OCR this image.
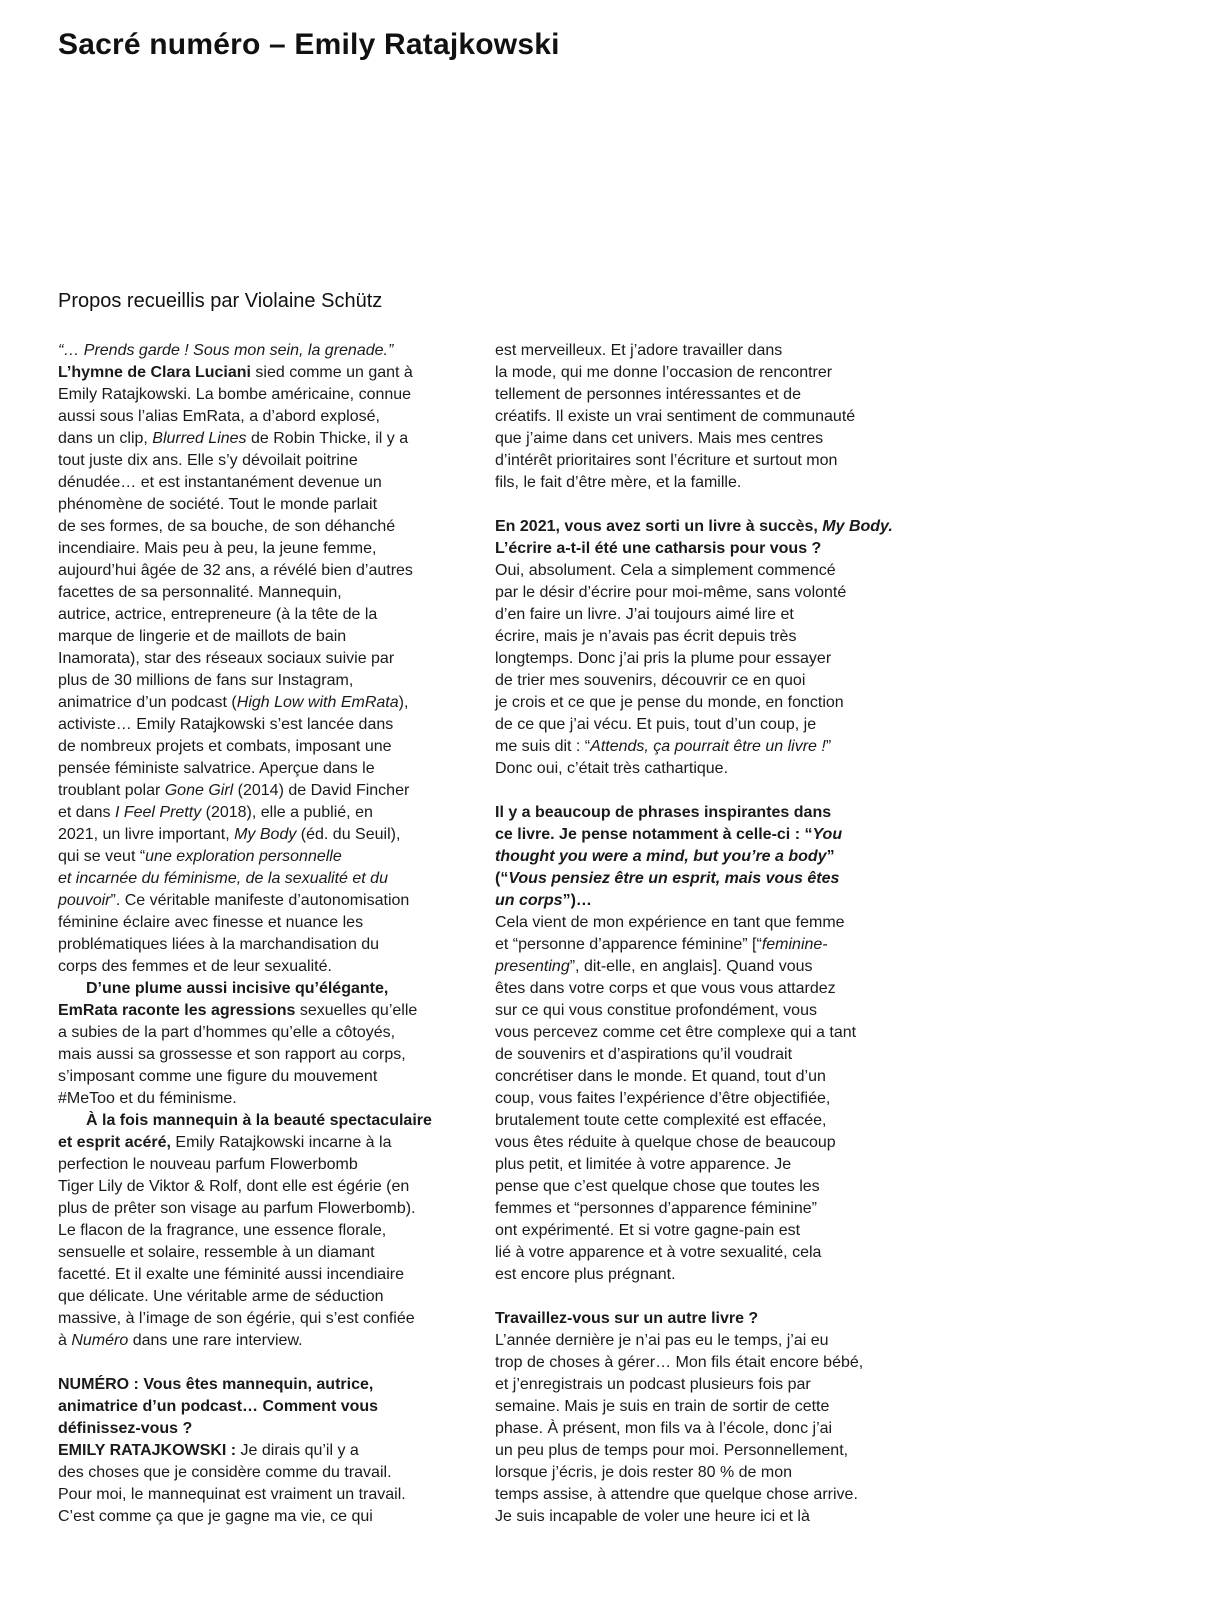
Sacré numéro – Emily Ratajkowski
Propos recueillis par Violaine Schütz
“… Prends garde ! Sous mon sein, la grenade.”
L’hymne de Clara Luciani sied comme un gant à
Emily Ratajkowski. La bombe américaine, connue
aussi sous l’alias EmRata, a d’abord explosé,
dans un clip, Blurred Lines de Robin Thicke, il y a
tout juste dix ans. Elle s’y dévoilait poitrine
dénudée… et est instantanément devenue un
phénomène de société. Tout le monde parlait
de ses formes, de sa bouche, de son déhanché
incendiaire. Mais peu à peu, la jeune femme,
aujourd’hui âgée de 32 ans, a révélé bien d’autres
facettes de sa personnalité. Mannequin,
autrice, actrice, entrepreneure (à la tête de la
marque de lingerie et de maillots de bain
Inamorata), star des réseaux sociaux suivie par
plus de 30 millions de fans sur Instagram,
animatrice d’un podcast (High Low with EmRata),
activiste… Emily Ratajkowski s’est lancée dans
de nombreux projets et combats, imposant une
pensée féministe salvatrice. Aperçue dans le
troublant polar Gone Girl (2014) de David Fincher
et dans I Feel Pretty (2018), elle a publié, en
2021, un livre important, My Body (éd. du Seuil),
qui se veut “une exploration personnelle
et incarnée du féminisme, de la sexualité et du
pouvoir”. Ce véritable manifeste d’autonomisation
féminine éclaire avec finesse et nuance les
problématiques liées à la marchandisation du
corps des femmes et de leur sexualité.
D’une plume aussi incisive qu’élégante,
EmRata raconte les agressions sexuelles qu’elle
a subies de la part d’hommes qu’elle a côtoyés,
mais aussi sa grossesse et son rapport au corps,
s’imposant comme une figure du mouvement
#MeToo et du féminisme.
À la fois mannequin à la beauté spectaculaire
et esprit acéré, Emily Ratajkowski incarne à la
perfection le nouveau parfum Flowerbomb
Tiger Lily de Viktor & Rolf, dont elle est égérie (en
plus de prêter son visage au parfum Flowerbomb).
Le flacon de la fragrance, une essence florale,
sensuelle et solaire, ressemble à un diamant
facetté. Et il exalte une féminité aussi incendiaire
que délicate. Une véritable arme de séduction
massive, à l’image de son égérie, qui s’est confiée
à Numéro dans une rare interview.
NUMÉRO : Vous êtes mannequin, autrice,
animatrice d’un podcast… Comment vous
définissez-vous ?
EMILY RATAJKOWSKI : Je dirais qu’il y a
des choses que je considère comme du travail.
Pour moi, le mannequinat est vraiment un travail.
C’est comme ça que je gagne ma vie, ce qui
est merveilleux. Et j’adore travailler dans
la mode, qui me donne l’occasion de rencontrer
tellement de personnes intéressantes et de
créatifs. Il existe un vrai sentiment de communauté
que j’aime dans cet univers. Mais mes centres
d’intérêt prioritaires sont l’écriture et surtout mon
fils, le fait d’être mère, et la famille.
En 2021, vous avez sorti un livre à succès, My Body.
L’écrire a-t-il été une catharsis pour vous ?
Oui, absolument. Cela a simplement commencé
par le désir d’écrire pour moi-même, sans volonté
d’en faire un livre. J’ai toujours aimé lire et
écrire, mais je n’avais pas écrit depuis très
longtemps. Donc j’ai pris la plume pour essayer
de trier mes souvenirs, découvrir ce en quoi
je crois et ce que je pense du monde, en fonction
de ce que j’ai vécu. Et puis, tout d’un coup, je
me suis dit : “Attends, ça pourrait être un livre !”
Donc oui, c’était très cathartique.
Il y a beaucoup de phrases inspirantes dans
ce livre. Je pense notamment à celle-ci : “You
thought you were a mind, but you’re a body”
(“Vous pensiez être un esprit, mais vous êtes
un corps”)…
Cela vient de mon expérience en tant que femme
et “personne d’apparence féminine” [“feminine-
presenting”, dit-elle, en anglais]. Quand vous
êtes dans votre corps et que vous vous attardez
sur ce qui vous constitue profondément, vous
vous percevez comme cet être complexe qui a tant
de souvenirs et d’aspirations qu’il voudrait
concrétiser dans le monde. Et quand, tout d’un
coup, vous faites l’expérience d’être objectifiée,
brutalement toute cette complexité est effacée,
vous êtes réduite à quelque chose de beaucoup
plus petit, et limitée à votre apparence. Je
pense que c’est quelque chose que toutes les
femmes et “personnes d’apparence féminine”
ont expérimenté. Et si votre gagne-pain est
lié à votre apparence et à votre sexualité, cela
est encore plus prégnant.
Travaillez-vous sur un autre livre ?
L’année dernière je n’ai pas eu le temps, j’ai eu
trop de choses à gérer… Mon fils était encore bébé,
et j’enregistrais un podcast plusieurs fois par
semaine. Mais je suis en train de sortir de cette
phase. À présent, mon fils va à l’école, donc j’ai
un peu plus de temps pour moi. Personnellement,
lorsque j’écris, je dois rester 80 % de mon
temps assise, à attendre que quelque chose arrive.
Je suis incapable de voler une heure ici et là
